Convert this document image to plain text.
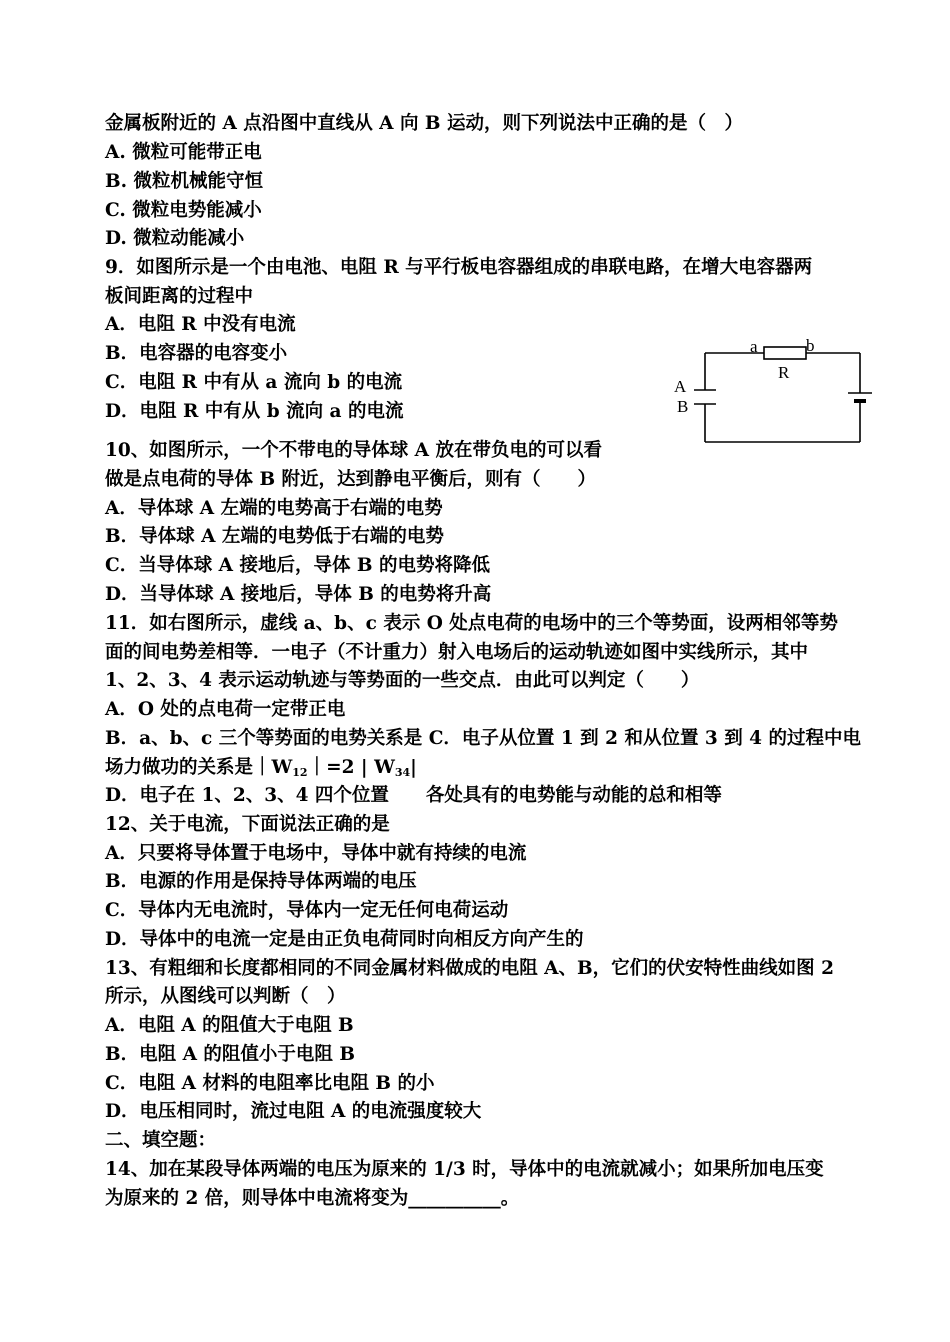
金属板附近的 A 点沿图中直线从 A 向 B 运动，则下列说法中正确的是（　）
A. 微粒可能带正电
B. 微粒机械能守恒
C. 微粒电势能减小
D. 微粒动能减小
9．如图所示是一个由电池、电阻 R 与平行板电容器组成的串联电路，在增大电容器两
板间距离的过程中
A．电阻 R 中没有电流
B．电容器的电容变小
C．电阻 R 中有从 a 流向 b 的电流
D．电阻 R 中有从 b 流向 a 的电流
a	b
R
A
B
10、如图所示，一个不带电的导体球 A 放在带负电的可以看
做是点电荷的导体 B 附近，达到静电平衡后，则有（　　）
A．导体球 A 左端的电势高于右端的电势
B．导体球 A 左端的电势低于右端的电势
C．当导体球 A 接地后，导体 B 的电势将降低
D．当导体球 A 接地后，导体 B 的电势将升高
11．如右图所示，虚线 a、b、c 表示 O 处点电荷的电场中的三个等势面，设两相邻等势
面的间电势差相等．一电子（不计重力）射入电场后的运动轨迹如图中实线所示，其中
1、2、3、4 表示运动轨迹与等势面的一些交点．由此可以判定（　　）
A．O 处的点电荷一定带正电
B．a、b、c 三个等势面的电势关系是 C．电子从位置 1 到 2 和从位置 3 到 4 的过程中电
场力做功的关系是$|W_{12}|=2$ | $W_{34}|$
D．电子在 1、2、3、4 四个位置　　各处具有的电势能与动能的总和相等
12、关于电流，下面说法正确的是
A．只要将导体置于电场中，导体中就有持续的电流
B．电源的作用是保持导体两端的电压
C．导体内无电流时，导体内一定无任何电荷运动
D．导体中的电流一定是由正负电荷同时向相反方向产生的
13、有粗细和长度都相同的不同金属材料做成的电阻 A、B，它们的伏安特性曲线如图 2
所示，从图线可以判断（　）
A．电阻 A 的阻值大于电阻 B
B．电阻 A 的阻值小于电阻 B
C．电阻 A 材料的电阻率比电阻 B 的小
D．电压相同时，流过电阻 A 的电流强度较大
二、填空题：
14、加在某段导体两端的电压为原来的 1/3 时，导体中的电流就减小；如果所加电压变
为原来的 2 倍，则导体中电流将变为__________。
